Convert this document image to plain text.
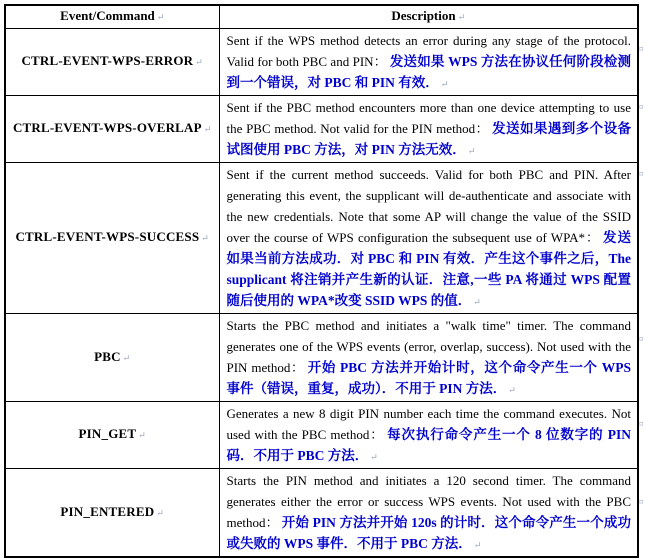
Event/Command ↵	Description ↵
CTRL-EVENT-WPS-ERROR ↵	Sent if the WPS method detects an error during any stage of the protocol. Valid for both PBC and PIN： 发送如果 WPS 方法在协议任何阶段检测到一个错误，对 PBC 和 PIN 有效． ↵
CTRL-EVENT-WPS-OVERLAP ↵	Sent if the PBC method encounters more than one device attempting to use the PBC method. Not valid for the PIN method： 发送如果遇到多个设备试图使用 PBC 方法，对 PIN 方法无效． ↵
CTRL-EVENT-WPS-SUCCESS ↵	Sent if the current method succeeds. Valid for both PBC and PIN. After generating this event, the supplicant will de-authenticate and associate with the new credentials. Note that some AP will change the value of the SSID over the course of WPS configuration the subsequent use of WPA*： 发送如果当前方法成功．对 PBC 和 PIN 有效．产生这个事件之后，The supplicant 将注销并产生新的认证．注意,一些 PA 将通过 WPS 配置随后使用的 WPA*改变 SSID WPS 的值． ↵
PBC ↵	Starts the PBC method and initiates a "walk time" timer. The command generates one of the WPS events (error, overlap, success). Not used with the PIN method： 开始 PBC 方法并开始计时，这个命令产生一个 WPS 事件（错误，重复，成功）．不用于 PIN 方法． ↵
PIN_GET ↵	Generates a new 8 digit PIN number each time the command executes. Not used with the PBC method： 每次执行命令产生一个 8 位数字的 PIN 码．不用于 PBC 方法． ↵
PIN_ENTERED ↵	Starts the PIN method and initiates a 120 second timer. The command generates either the error or success WPS events. Not used with the PBC method： 开始 PIN 方法并开始 120s 的计时．这个命令产生一个成功或失败的 WPS 事件．不用于 PBC 方法． ↵
¤
¤
¤
¤
¤
¤
